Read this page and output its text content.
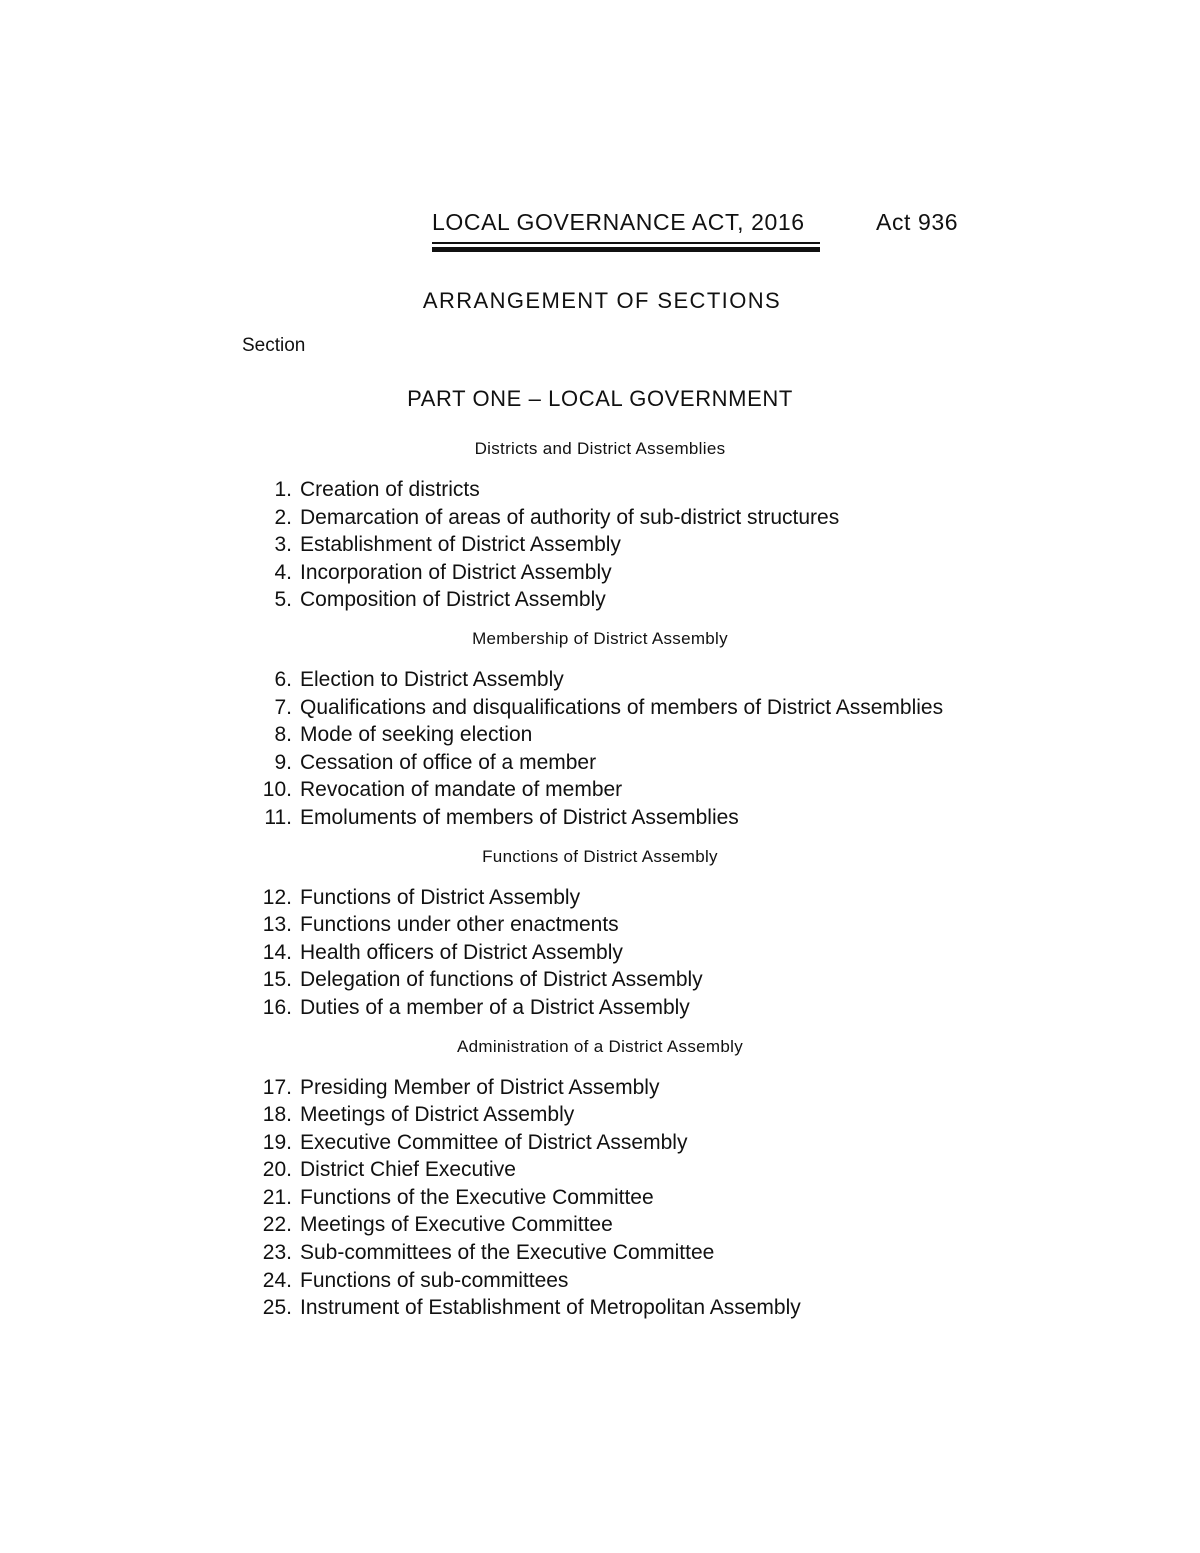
LOCAL GOVERNANCE ACT, 2016	Act 936
ARRANGEMENT OF SECTIONS
Section
PART ONE – LOCAL GOVERNMENT
Districts and District Assemblies
1. Creation of districts
2. Demarcation of areas of authority of sub-district structures
3. Establishment of District Assembly
4. Incorporation of District Assembly
5. Composition of District Assembly
Membership of District Assembly
6. Election to District Assembly
7. Qualifications and disqualifications of members of District Assemblies
8. Mode of seeking election
9. Cessation of office of a member
10. Revocation of mandate of member
11. Emoluments of members of District Assemblies
Functions of District Assembly
12. Functions of District Assembly
13. Functions under other enactments
14. Health officers of District Assembly
15. Delegation of functions of District Assembly
16. Duties of a member of a District Assembly
Administration of a District Assembly
17. Presiding Member of District Assembly
18. Meetings of District Assembly
19. Executive Committee of District Assembly
20. District Chief Executive
21. Functions of the Executive Committee
22. Meetings of Executive Committee
23. Sub-committees of the Executive Committee
24. Functions of sub-committees
25. Instrument of Establishment of Metropolitan Assembly
